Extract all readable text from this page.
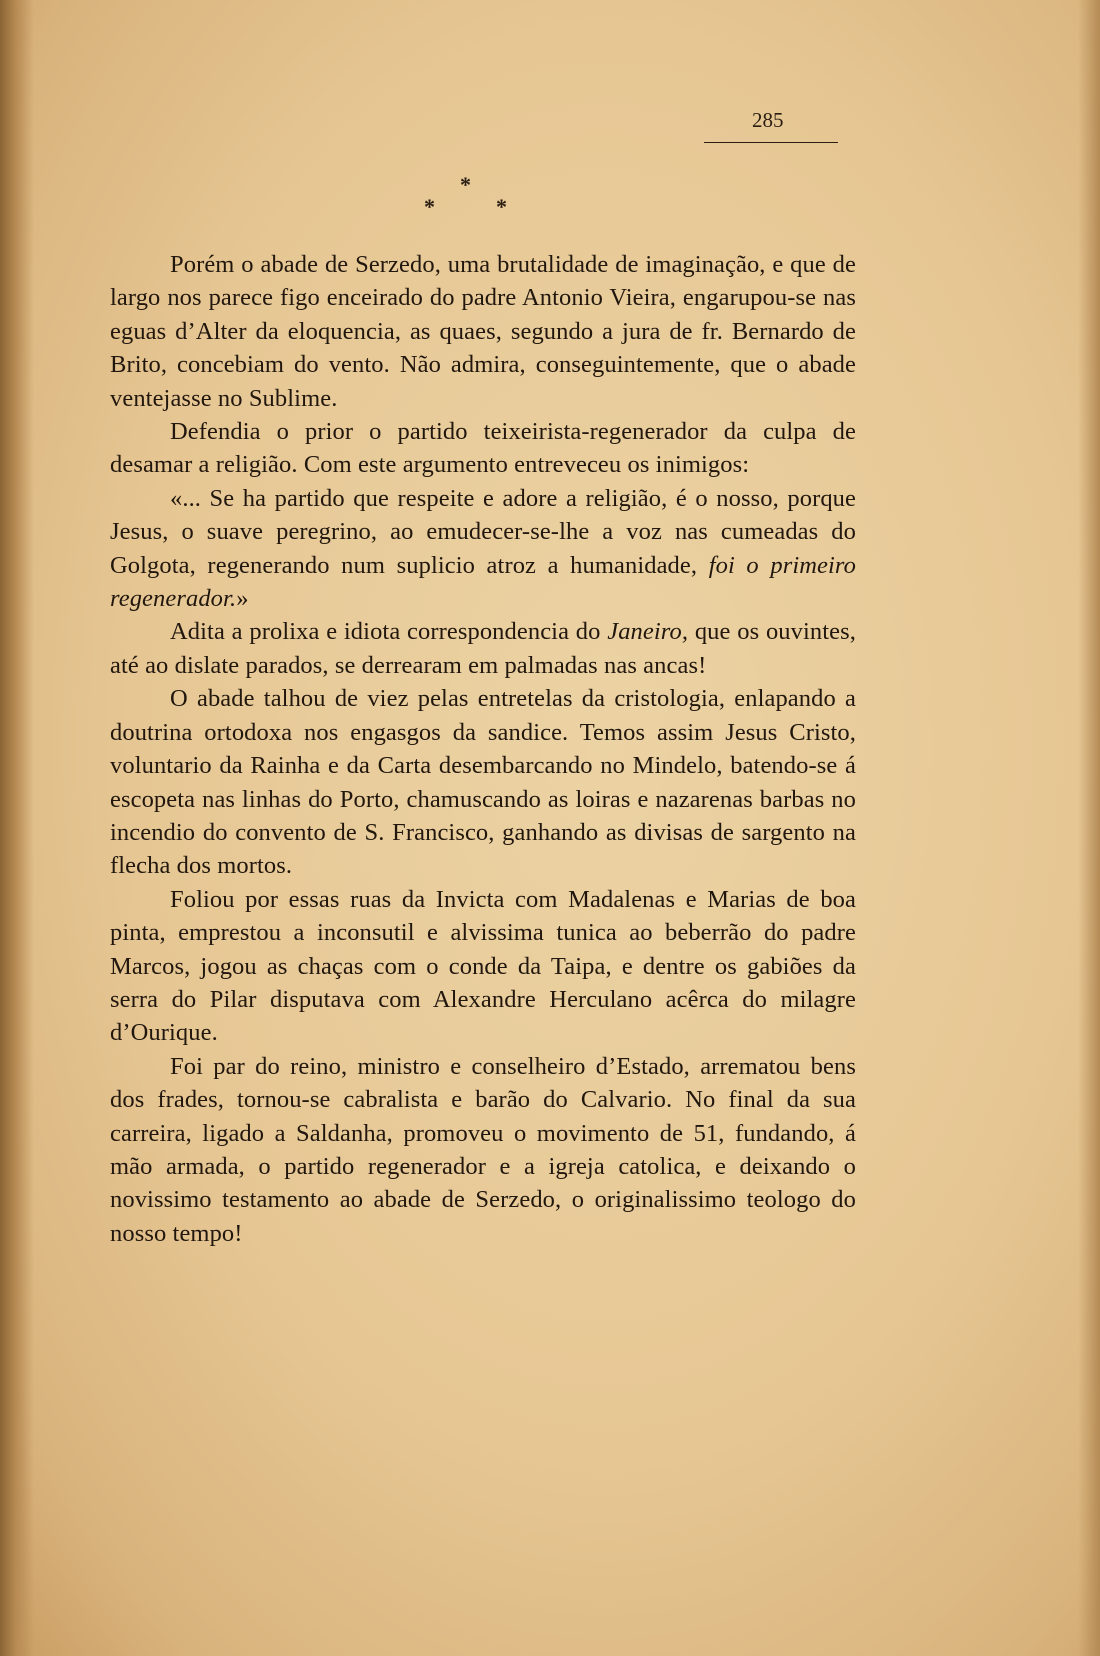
285
*
*	*

Porém o abade de Serzedo, uma brutalidade de imaginação, e que de largo nos parece figo enceirado do padre Antonio Vieira, engarupou-se nas eguas d’Alter da eloquencia, as quaes, segundo a jura de fr. Bernardo de Brito, concebiam do vento. Não admira, conseguintemente, que o abade ventejasse no Sublime.

Defendia o prior o partido teixeirista-regenerador da culpa de desamar a religião. Com este argumento entreveceu os inimigos:

«... Se ha partido que respeite e adore a religião, é o nosso, porque Jesus, o suave peregrino, ao emudecer-se-lhe a voz nas cumeadas do Golgota, regenerando num suplicio atroz a humanidade, foi o primeiro regenerador.»

Adita a prolixa e idiota correspondencia do Janeiro, que os ouvintes, até ao dislate parados, se derrearam em palmadas nas ancas!

O abade talhou de viez pelas entretelas da cristologia, enlapando a doutrina ortodoxa nos engasgos da sandice. Temos assim Jesus Cristo, voluntario da Rainha e da Carta desembarcando no Mindelo, batendo-se á escopeta nas linhas do Porto, chamuscando as loiras e nazarenas barbas no incendio do convento de S. Francisco, ganhando as divisas de sargento na flecha dos mortos.

Foliou por essas ruas da Invicta com Madalenas e Marias de boa pinta, emprestou a inconsutil e alvissima tunica ao beberrão do padre Marcos, jogou as chaças com o conde da Taipa, e dentre os gabiões da serra do Pilar disputava com Alexandre Herculano acêrca do milagre d’Ourique.

Foi par do reino, ministro e conselheiro d’Estado, arrematou bens dos frades, tornou-se cabralista e barão do Calvario. No final da sua carreira, ligado a Saldanha, promoveu o movimento de 51, fundando, á mão armada, o partido regenerador e a igreja catolica, e deixando o novissimo testamento ao abade de Serzedo, o originalissimo teologo do nosso tempo!
